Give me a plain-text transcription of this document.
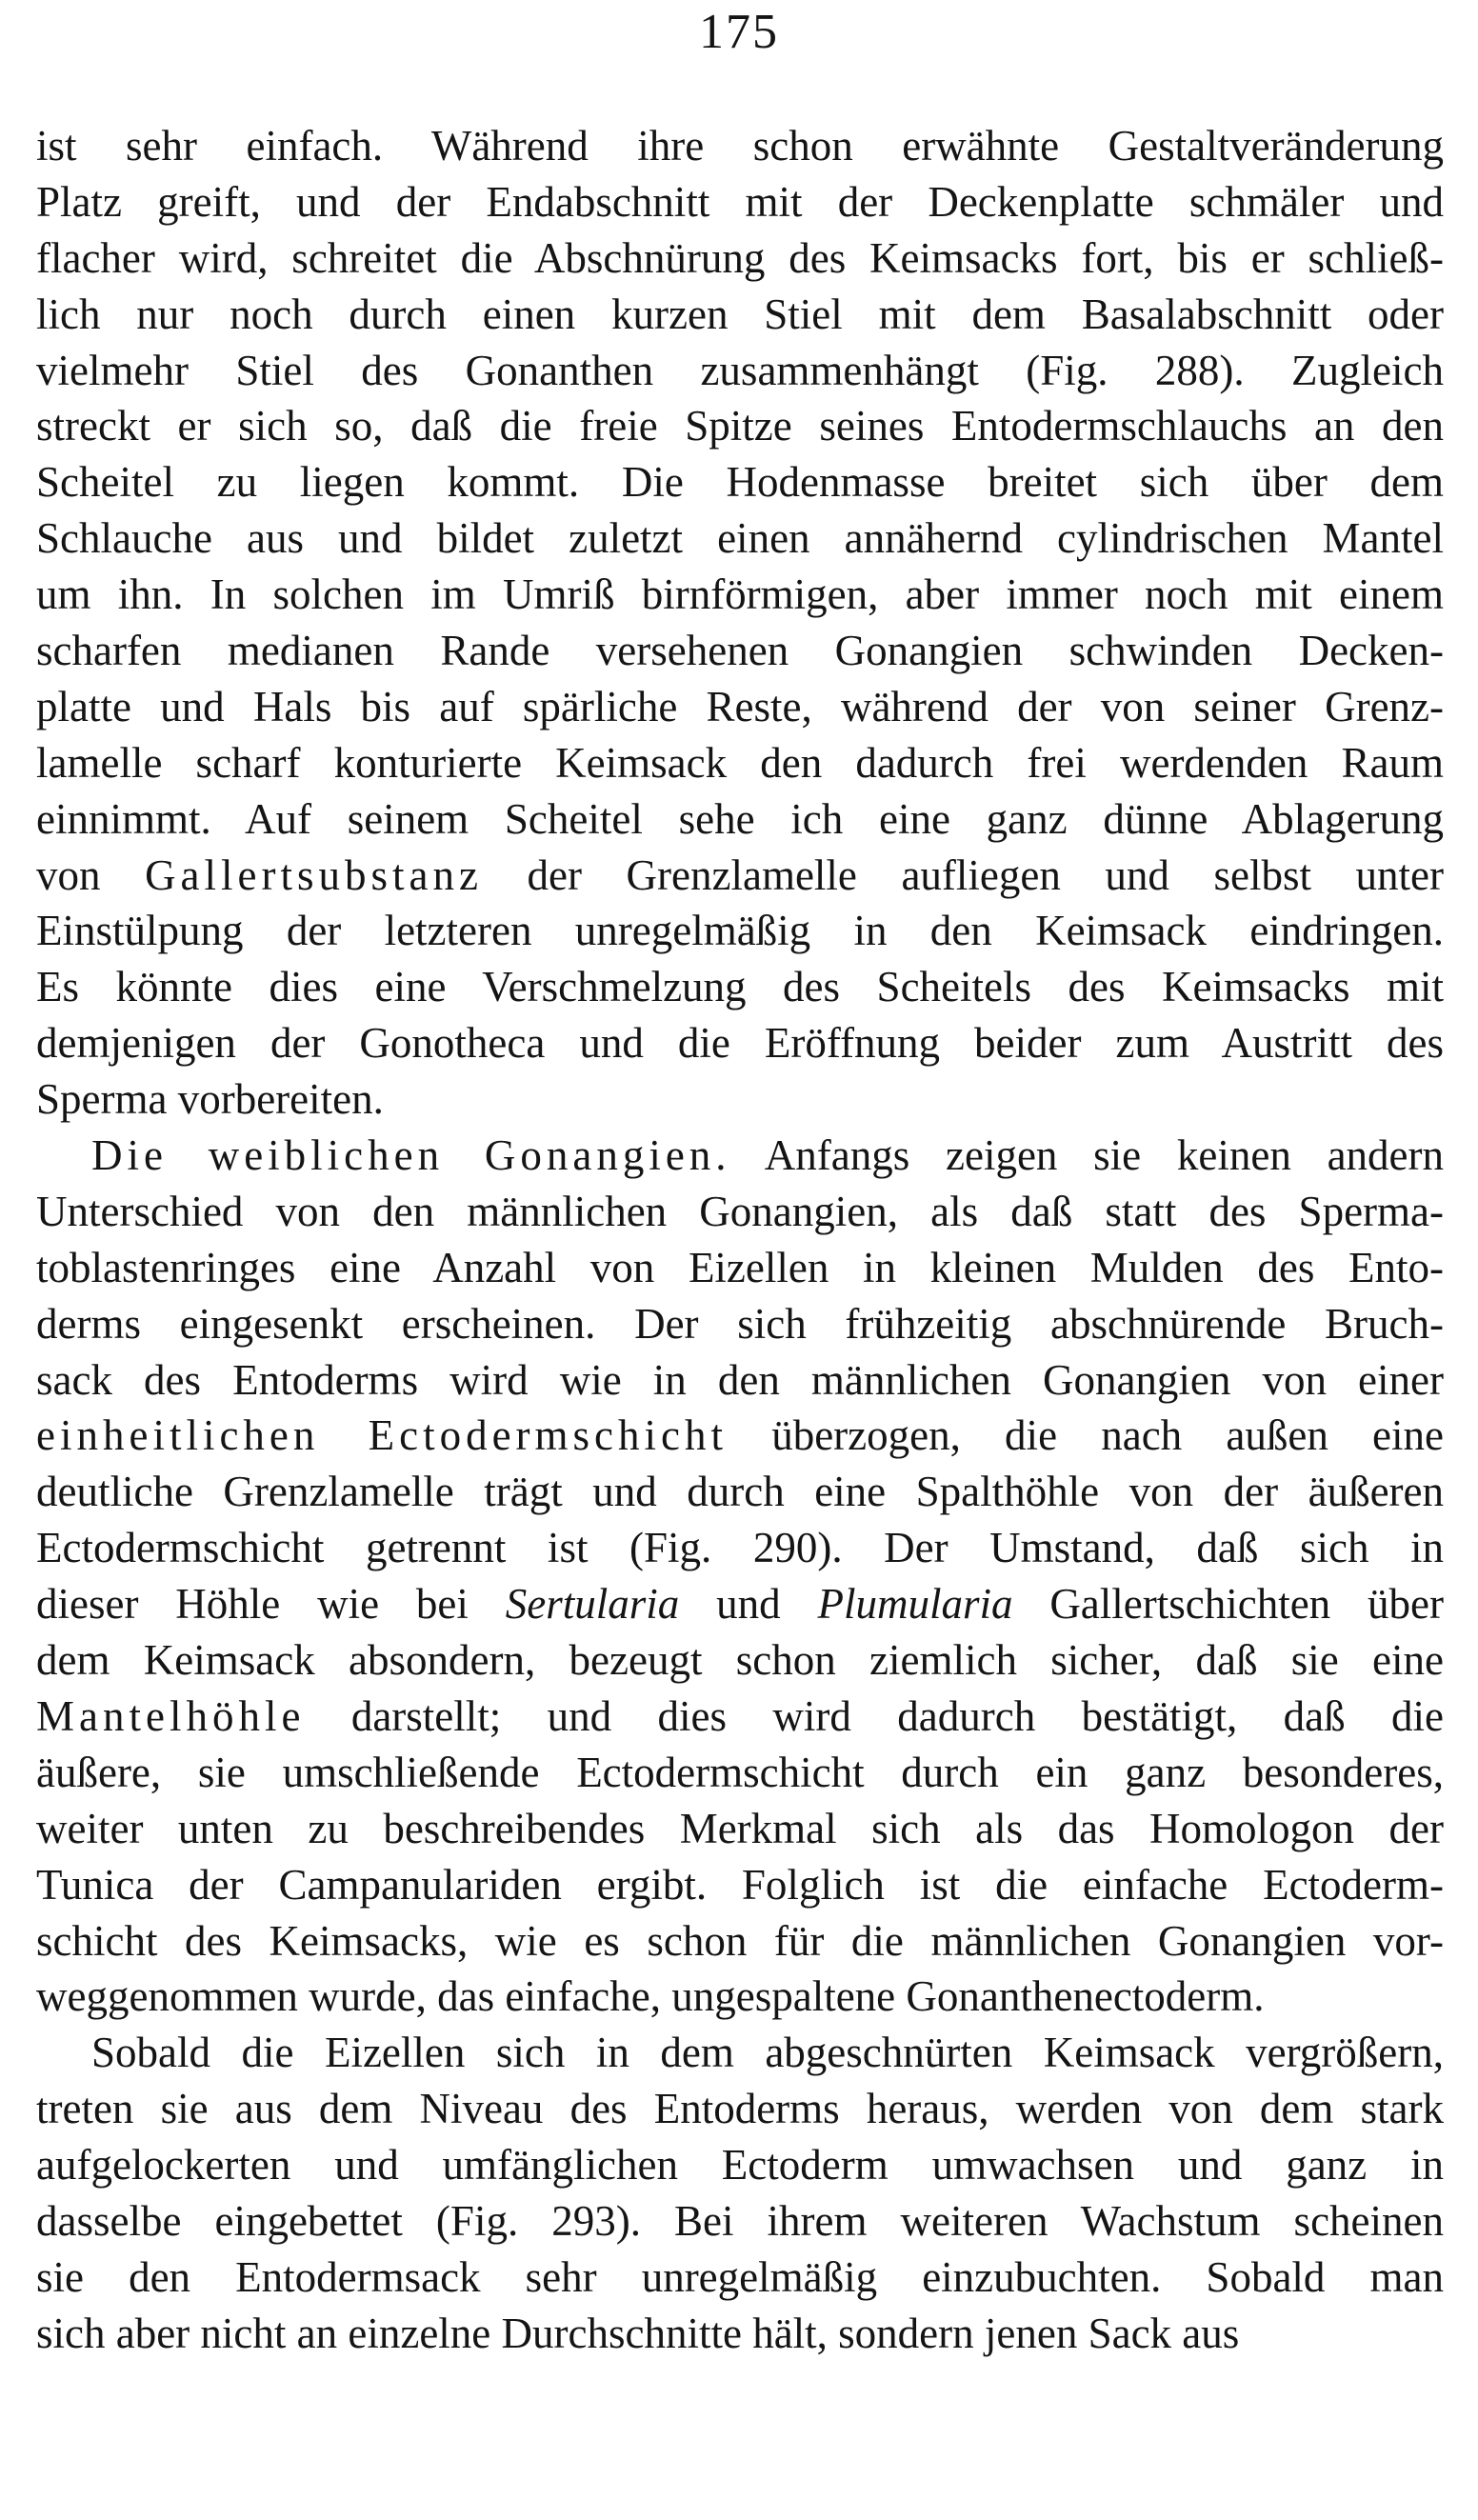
175
ist sehr einfach. Während ihre schon erwähnte Gestaltveränderung
Platz greift, und der Endabschnitt mit der Deckenplatte schmäler und
flacher wird, schreitet die Abschnürung des Keimsacks fort, bis er schließ-
lich nur noch durch einen kurzen Stiel mit dem Basalabschnitt oder
vielmehr Stiel des Gonanthen zusammenhängt (Fig. 288). Zugleich
streckt er sich so, daß die freie Spitze seines Entodermschlauchs an den
Scheitel zu liegen kommt. Die Hodenmasse breitet sich über dem
Schlauche aus und bildet zuletzt einen annähernd cylindrischen Mantel
um ihn. In solchen im Umriß birnförmigen, aber immer noch mit einem
scharfen medianen Rande versehenen Gonangien schwinden Decken-
platte und Hals bis auf spärliche Reste, während der von seiner Grenz-
lamelle scharf konturierte Keimsack den dadurch frei werdenden Raum
einnimmt. Auf seinem Scheitel sehe ich eine ganz dünne Ablagerung
von Gallertsubstanz der Grenzlamelle aufliegen und selbst unter
Einstülpung der letzteren unregelmäßig in den Keimsack eindringen.
Es könnte dies eine Verschmelzung des Scheitels des Keimsacks mit
demjenigen der Gonotheca und die Eröffnung beider zum Austritt des
Sperma vorbereiten.
Die weiblichen Gonangien. Anfangs zeigen sie keinen andern
Unterschied von den männlichen Gonangien, als daß statt des Sperma-
toblastenringes eine Anzahl von Eizellen in kleinen Mulden des Ento-
derms eingesenkt erscheinen. Der sich frühzeitig abschnürende Bruch-
sack des Entoderms wird wie in den männlichen Gonangien von einer
einheitlichen Ectodermschicht überzogen, die nach außen eine
deutliche Grenzlamelle trägt und durch eine Spalthöhle von der äußeren
Ectodermschicht getrennt ist (Fig. 290). Der Umstand, daß sich in
dieser Höhle wie bei Sertularia und Plumularia Gallertschichten über
dem Keimsack absondern, bezeugt schon ziemlich sicher, daß sie eine
Mantelhöhle darstellt; und dies wird dadurch bestätigt, daß die
äußere, sie umschließende Ectodermschicht durch ein ganz besonderes,
weiter unten zu beschreibendes Merkmal sich als das Homologon der
Tunica der Campanulariden ergibt. Folglich ist die einfache Ectoderm-
schicht des Keimsacks, wie es schon für die männlichen Gonangien vor-
weggenommen wurde, das einfache, ungespaltene Gonanthenectoderm.
Sobald die Eizellen sich in dem abgeschnürten Keimsack vergrößern,
treten sie aus dem Niveau des Entoderms heraus, werden von dem stark
aufgelockerten und umfänglichen Ectoderm umwachsen und ganz in
dasselbe eingebettet (Fig. 293). Bei ihrem weiteren Wachstum scheinen
sie den Entodermsack sehr unregelmäßig einzubuchten. Sobald man
sich aber nicht an einzelne Durchschnitte hält, sondern jenen Sack aus
